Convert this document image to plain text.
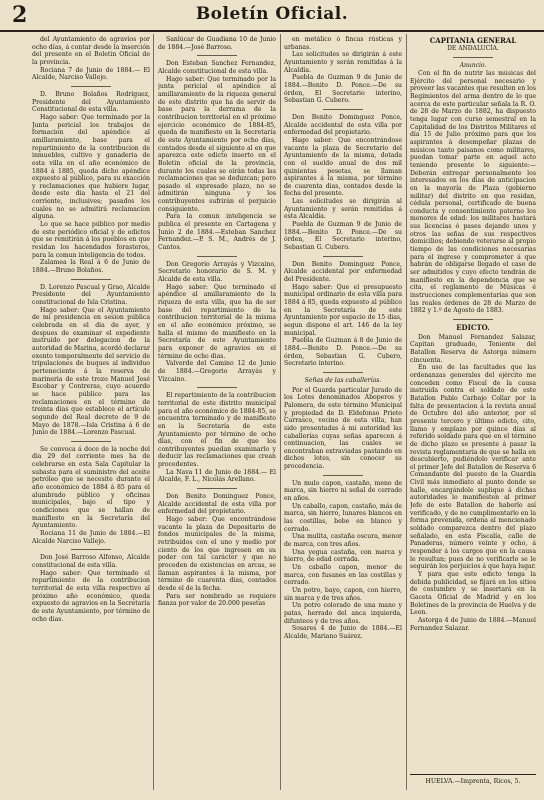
2	Boletín Oficial.

del Ayuntamiento de agravios por ocho días, á contar desde la inserción del presente en el Boletin Oficial de la provincia.

Rociana 7 de Junio de 1884.— El Alcalde, Narciso Vallejo.

D. Bruno Bolaños Rodriguez, Presidente del Ayuntamiento Constitucional de esta villa.

Hago saber: Que terminado por la Junta pericial los trabajos de formacion del apéndice al amillaramiento, base para el repartimiento de la contribucion de inmuebles, cultivo y ganaderia de esta villa en el año económico de 1884 á 1885, queda dicho apéndice expuesto al público, para su exacción y reclamaciones que hubiere lugar, desde este dia hasta el 21 del corriente, inclusives; pasados los cuales no se admitirá reclamacion alguna.

Lo que se hace público por medio de este periódico oficial y de edictos que se remitirán á los pueblos en que residan los hacendados forasteros, para la comun inteligencia de todos.

Zalamea la Real á 6 de Junio de 1884.—Bruno Bolaños.

D. Lorenzo Pascual y Grao, Alcalde Presidente del Ayuntamiento constitucional de Isla Cristina.

Hago saber: Que el Ayuntamiento de mi presidencia en sesion pública celebrada en el dia de ayer, y despues de examinar el expediente instruido por delegacion de la autoridad de Marina, acordó declarar exento temporalmente del servicio de tripulaciones de buques al individuo perteneciente á la reserva de marineria de este trozo Manuel José Escobar y Contreras, cuyo acuerdo se hace público para las reclamaciones en el término de treinta dias que establece el artículo segundo del Real decreto de 9 de Mayo de 1878.—Isla Cristina á 6 de Junio de 1884.—Lorenzo Pascual.

Se convoca á doce de la noche del dia 29 del corriente mes ha de celebrarse en esta Sala Capitular la subasta para el suministro del aceite petróleo que se necesite durante el año económico de 1884 á 85 para el alumbrado público y oficinas municipales, bajo el tipo y condiciones que se hallan de manifiesto en la Secretaría del Ayuntamiento.

Rociana 11 de Junio de 1884.—El Alcalde Narciso Vallejo.

Don José Barroso Alfonso, Alcalde constitucional de esta villa.

Hago saber: Que terminado el repartimiento de la contribucion territorial de esta villa respectivo al próximo año económico, queda expuesto de agravios en la Secretaría de este Ayuntamiento, por término de ocho dias.

Sanlúcar de Guadiana 10 de Junio de 1884.—José Barroso.

Don Esteban Sanchez Fernandez, Alcalde constitucional de esta villa.

Hago saber: Que terminado por la junta pericial el apéndice al amillaramiento de la riqueza general de este distrito que ha de servir de base para la derrama de la contribucion territorial en el próximo ejercicio económico de 1884-85, queda de manifiesto en la Secretaría de este Ayuntamiento por ocho dias, contados desde el siguiente al en que aparezca este edicto inserto en el Boletin oficial de la provincia, durante los cuales se oirán todas las reclamaciones que se deduzcan; pero pasado el expresado plazo, no se admitirán ninguna y los contribuyentes sufrirán el perjuicio consiguiente.

Para la comun inteligencia se publica el presente en Cartagena y Junio 2 de 1884.—Esteban Sanchez Fernandez.—P. S. M., Andrés de J. Cantos.

Don Gregorio Arrayás y Vizcaino, Secretario honorario de S. M. y Alcalde de esta villa.

Hago saber: Que terminado el apéndice al amillaramiento de la riqueza de esta villa, que ha de ser base del repartimiento de la contribucion territorial de la misma en el año económico próximo, se halla el mismo de manifiesto en la Secretaría de este Ayuntamiento para exponer de agravios en el término de ocho dias.

Valverde del Camino 12 de Junio de 1884.—Gregorio Arrayás y Vizcaino.

El repartimiento de la contribucion territorial de este distrito municipal para el año económico de 1884-85, se encuentra terminado y de manifiesto en la Secretaría de este Ayuntamiento por término de ocho dias, con el fin de que los contribuyentes puedan examinarlo y deducir las reclamaciones que crean procedentes.

La Nava 11 de Junio de 1884.— El Alcalde, F. L., Nicolás Arellano.

Don Benito Dominguez Ponce, Alcalde accidental de esta villa por enfermedad del propietario.

Hago saber: Que encontrándose vacante la plaza de Depositario de fondos municipales de la misma, retribuidos con el uno y medio por ciento de los que ingresen en su poder con tal carácter y que no proceden de existencias en arcas, se llaman aspirantes á la misma, por término de cuarenta dias, contados desde el de la fecha.

Para ser nombrado se requiere fianza por valor de 20.000 pesetas

en metálico ó fincas rústicas y urbanas.

Las solicitudes se dirigirán á este Ayuntamiento y serán remitidas á la Alcaldía.

Puebla de Guzman 9 de Junio de 1884.—Benito D. Ponce.—De su órden, El Secretario interino, Sebastian G. Cubero.

Don Benito Dominguez Ponce, Alcalde accidental de esta villa por enfermedad del propietario.

Hago saber: Que encontrándose vacante la plaza de Secretario del Ayuntamiento de la misma, dotada con el sueldo anual de dos mil quinientas pesetas, se llaman aspirantes á la misma, por término de cuarenta dias, contados desde la fecha del presente.

Las solicitudes se dirigirán al Ayuntamiento y serán remitidas á esta Alcaldía.

Puebla de Guzman 9 de Junio de 1884.—Benito D. Ponce.—De su órden, El Secretario interino, Sebastian G. Cubero.

Don Benito Dominguez Ponce, Alcalde accidental por enfermedad del Presidente.

Hago saber: Que el presupuesto municipal ordinario de esta villa para 1884 á 85, queda expuesto al público en la Secretaría de este Ayuntamiento por espacio de 15 dias, segun dispone el art. 146 de la ley municipal.

Puebla de Guzman á 8 de Junio de 1884.—Benito D. Ponce.—De su órden, Sebastian G. Cubero, Secretario interino.

Señas de las caballerías.

Por el Guarda particular Jurado de los Lotes denominados Aboperos y Palomera, de este término Municipal y propiedad de D. Eldefonso Prieto Carrasco, vecino de esta villa, han sido presentadas á mi autoridad las caballerías cuyas señas aparecen á continuacion, las cuales se encontraban extraviadas pastando en dichos lotes, sin conocer su procedencia.

Un mulo capon, castaño, meno de marca, sin hierro ni señal de cerrado en años.

Un caballo, capon, castaño, más de marca, sin hierro, lunares blancos en las costillas, bebe en blanco y cerrado.

Una mulita, castaña oscura, menor de marca, con tres años.

Una yegua castaña, con marca y hierro, de edad cerrada.

Un caballo capon, menor de marca, con fusanes en las costillas y cerrado.

Un potro, bayo, capon, con hierro, sin marca y de tres años.

Un potro colorado de una mano y patas, herrado del anca izquierda, difunteos y de tres años.

Sosares 4 de Junio de 1884.—El Alcalde, Mariano Suárez.

CAPITANIA GENERAL
DE ANDALUCÍA.
Anuncio.

Con el fin de nutrir las músicas del Ejército del personal necesario y proveer las vacantes que resulten en los Regimientos del arma dentro de lo que acerca de este particular señala la R. O. de 28 de Marzo de 1882, ha dispuesto tenga lugar con curso semestral en la Capitalidad de los Distritos Militares el día 15 de Julio próximo para que los aspirantes á desempeñar plazas de músicos tanto paisanos como militares, puedan tomar parte en aquel acto teniendo presente lo siguiente:—Deberán entregar personalmente los interesados en los dias de anticipacion en la mayoría de Plaza (gobierno militar) del distrito en que residan, cédula personal, certificado de buena conducta y consentimiento paterno los menores de edad: los militares bastará sus licencias ó pases dejando unos y otros las señas de sus respectivos domicilios; debiendo veterarse al propio tiempo de las condiciones necesarias para el ingreso y comprometer á que habrán de obligarse llegado el caso de ser admitidos y cuyo efecto tendrán de manifiesto en la dependencia que se cita, el reglamento de Músicas é instrucciones complementarias que son las reales órdenes de 28 de Marzo de 1882 y 1.º de Agosto de 1883.

EDICTO.

Don Manuel Fernandez Salazar, Capitan graduado, Teniente del Batallon Reserva de Astorga número cincuenta.

En uso de las facultades que las ordenanzas generales del ejército me conceden como Fiscal de la causa instruida contra el soldado de este Batallon Pablo Carbajo Collar por la falta de presentacion á la revista anual de Octubre del año anterior, por el presente tercero y último edicto, cito, llamo y emplazo por quince dias al referido soldado para que en el término de dicho plazo se presente á pasar la revista reglamentaria de que se halla en descubierto, pudiéndolo verificar ante el primer Jefe del Batallon de Reserva 6 Comandante del puesto de la Guardia Civil más inmediato al punto donde se halle, encargándole suplique á dichas autoridades lo manifiesten al primer Jefe de este Batallon de haberlo así verificado, y de no cumplimentarlo en la forma prevenida, ordena al mencionado soldado comparezca dentro del plazo señalado, en esta Fiscalía, calle de Panaderas, número veinte y ocho, á responder á los cargos que en la causa le resultan; pues de no verificarlo se le seguirán los perjuicios á que haya lugar.

Y para que este edicto tenga la debida publicidad, se fijará en los sitios de costumbre y se insertará en la Gaceta Oficial de Madrid y en los Boletines de la provincia de Huelva y de Leon.

Astorga 4 de Junio de 1884.—Manuel Fernandez Salazar.

HUELVA.—Imprenta, Ricos, 5.
